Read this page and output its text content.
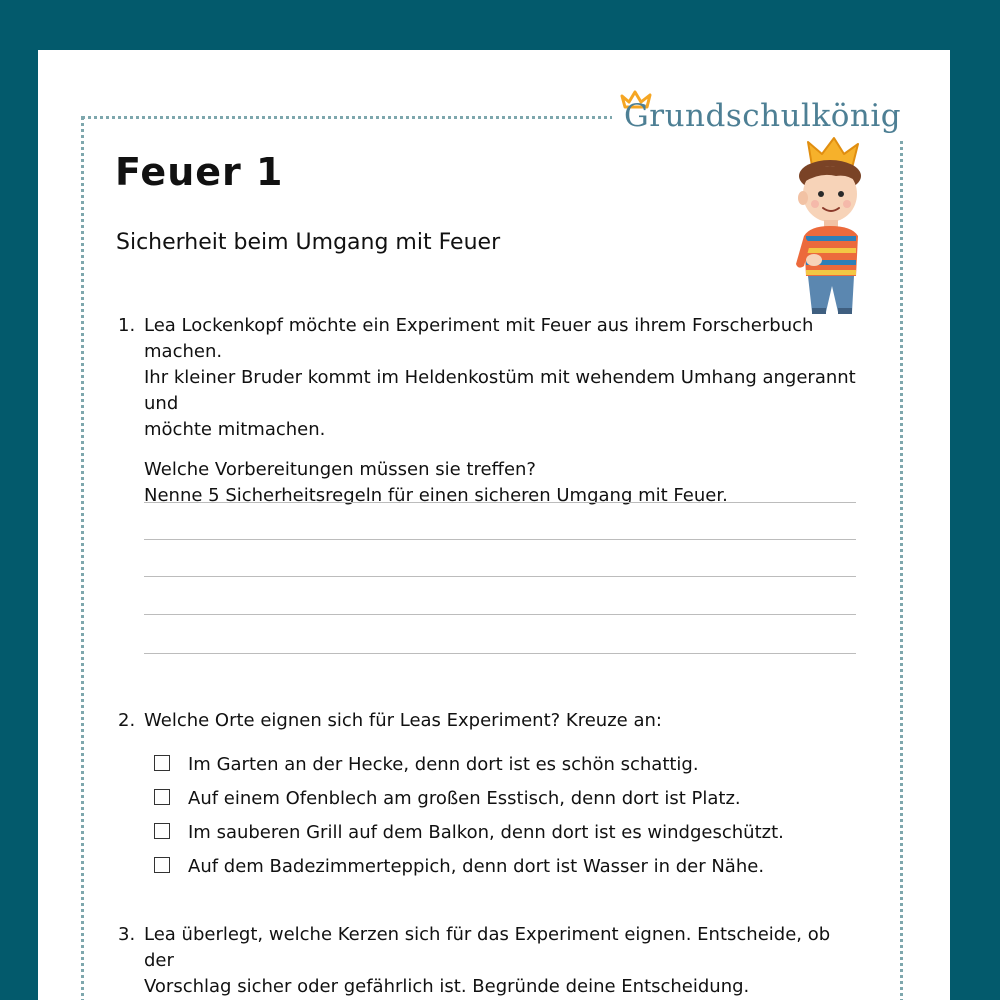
Grundschulkönig
Feuer 1
Sicherheit beim Umgang mit Feuer
1. Lea Lockenkopf möchte ein Experiment mit Feuer aus ihrem Forscherbuch machen.
Ihr kleiner Bruder kommt im Heldenkostüm mit wehendem Umhang angerannt und
möchte mitmachen.
Welche Vorbereitungen müssen sie treffen?
Nenne 5 Sicherheitsregeln für einen sicheren Umgang mit Feuer.
2. Welche Orte eignen sich für Leas Experiment? Kreuze an:
Im Garten an der Hecke, denn dort ist es schön schattig.
Auf einem Ofenblech am großen Esstisch, denn dort ist Platz.
Im sauberen Grill auf dem Balkon, denn dort ist es windgeschützt.
Auf dem Badezimmerteppich, denn dort ist Wasser in der Nähe.
3. Lea überlegt, welche Kerzen sich für das Experiment eignen. Entscheide, ob der
Vorschlag sicher oder gefährlich ist. Begründe deine Entscheidung.
